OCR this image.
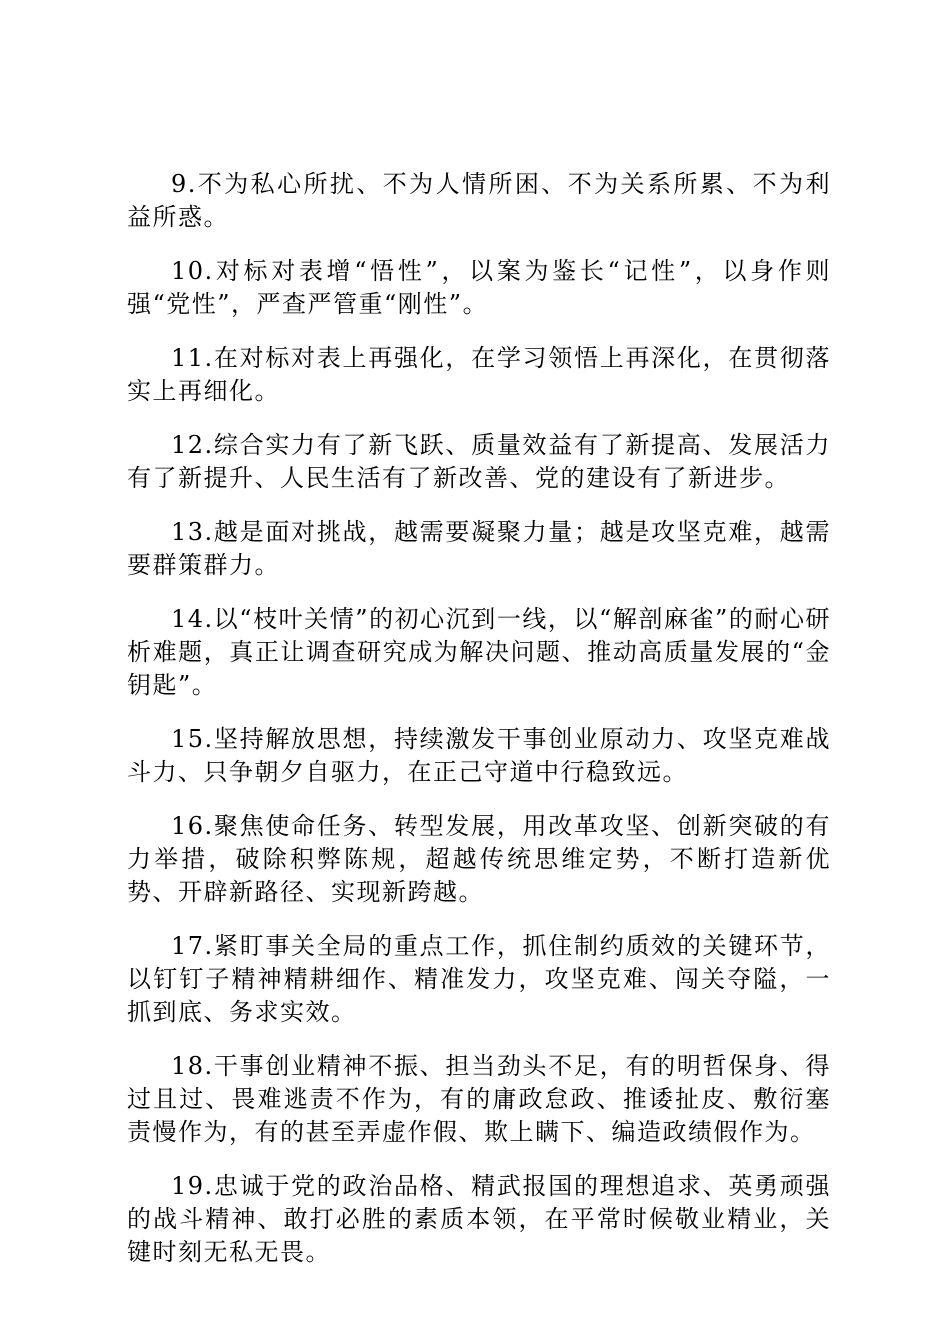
9.不为私心所扰、不为人情所困、不为关系所累、不为利益所惑。

10.对标对表增“悟性”，以案为鉴长“记性”，以身作则强“党性”，严查严管重“刚性”。

11.在对标对表上再强化，在学习领悟上再深化，在贯彻落实上再细化。

12.综合实力有了新飞跃、质量效益有了新提高、发展活力有了新提升、人民生活有了新改善、党的建设有了新进步。

13.越是面对挑战，越需要凝聚力量；越是攻坚克难，越需要群策群力。

14.以“枝叶关情”的初心沉到一线，以“解剖麻雀”的耐心研析难题，真正让调查研究成为解决问题、推动高质量发展的“金钥匙”。

15.坚持解放思想，持续激发干事创业原动力、攻坚克难战斗力、只争朝夕自驱力，在正己守道中行稳致远。

16.聚焦使命任务、转型发展，用改革攻坚、创新突破的有力举措，破除积弊陈规，超越传统思维定势，不断打造新优势、开辟新路径、实现新跨越。

17.紧盯事关全局的重点工作，抓住制约质效的关键环节，以钉钉子精神精耕细作、精准发力，攻坚克难、闯关夺隘，一抓到底、务求实效。

18.干事创业精神不振、担当劲头不足，有的明哲保身、得过且过、畏难逃责不作为，有的庸政怠政、推诿扯皮、敷衍塞责慢作为，有的甚至弄虚作假、欺上瞒下、编造政绩假作为。

19.忠诚于党的政治品格、精武报国的理想追求、英勇顽强的战斗精神、敢打必胜的素质本领，在平常时候敬业精业，关键时刻无私无畏。
